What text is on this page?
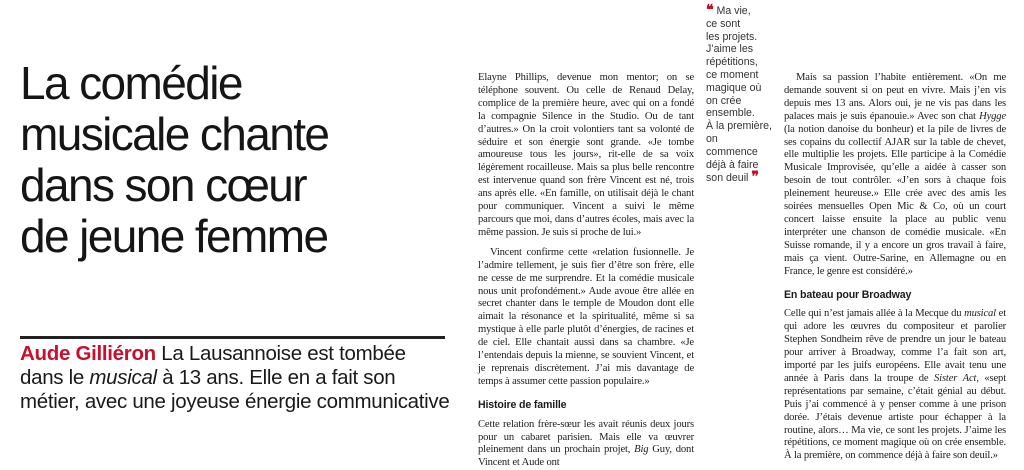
La comédie
musicale chante
dans son cœur
de jeune femme
Aude Gilliéron La Lausannoise est tombée dans le musical à 13 ans. Elle en a fait son métier, avec une joyeuse énergie communicative
❝ Ma vie,
ce sont
les projets.
J’aime les
répétitions,
ce moment
magique où
on crée
ensemble.
À la première,
on
commence
déjà à faire
son deuil ❞

Elayne Phillips, devenue mon mentor; on se téléphone souvent. Ou celle de Renaud Delay, complice de la première heure, avec qui on a fondé la compagnie Silence in the Studio. Ou de tant d’autres.» On la croit volontiers tant sa volonté de séduire et son énergie sont grande. «Je tombe amoureuse tous les jours», rit-elle de sa voix légèrement rocailleuse. Mais sa plus belle rencontre est intervenue quand son frère Vincent est né, trois ans après elle. «En famille, on utilisait déjà le chant pour communiquer. Vincent a suivi le même parcours que moi, dans d’autres écoles, mais avec la même passion. Je suis si proche de lui.»

Vincent confirme cette «relation fusionnelle. Je l’admire tellement, je suis fier d’être son frère, elle ne cesse de me surprendre. Et la comédie musicale nous unit profondément.» Aude avoue être allée en secret chanter dans le temple de Moudon dont elle aimait la résonance et la spiritualité, même si sa mystique à elle parle plutôt d’énergies, de racines et de ciel. Elle chantait aussi dans sa chambre. «Je l’entendais depuis la mienne, se souvient Vincent, et je reprenais discrètement. J’ai mis davantage de temps à assumer cette passion populaire.»

Histoire de famille

Cette relation frère-sœur les avait réunis deux jours pour un cabaret parisien. Mais elle va œuvrer pleinement dans un prochain projet, Big Guy, dont Vincent et Aude ont

Mais sa passion l’habite entièrement. «On me demande souvent si on peut en vivre. Mais j’en vis depuis mes 13 ans. Alors oui, je ne vis pas dans les palaces mais je suis épanouie.» Avec son chat Hygge (la notion danoise du bonheur) et la pile de livres de ses copains du collectif AJAR sur la table de chevet, elle multiplie les projets. Elle participe à la Comédie Musicale Improvisée, qu’elle a aidée à casser son besoin de tout contrôler. «J’en sors à chaque fois pleinement heureuse.» Elle crée avec des amis les soirées mensuelles Open Mic & Co, où un court concert laisse ensuite la place au public venu interpréter une chanson de comédie musicale. «En Suisse romande, il y a encore un gros travail à faire, mais ça vient. Outre-Sarine, en Allemagne ou en France, le genre est considéré.»

En bateau pour Broadway

Celle qui n’est jamais allée à la Mecque du musical et qui adore les œuvres du compositeur et parolier Stephen Sondheim rêve de prendre un jour le bateau pour arriver à Broadway, comme l’a fait son art, importé par les juifs européens. Elle avait tenu une année à Paris dans la troupe de Sister Act, «sept représentations par semaine, c’était génial au début. Puis j’ai commencé à y penser comme à une prison dorée. J’étais devenue artiste pour échapper à la routine, alors… Ma vie, ce sont les projets. J’aime les répétitions, ce moment magique où on crée ensemble. À la première, on commence déjà à faire son deuil.»
